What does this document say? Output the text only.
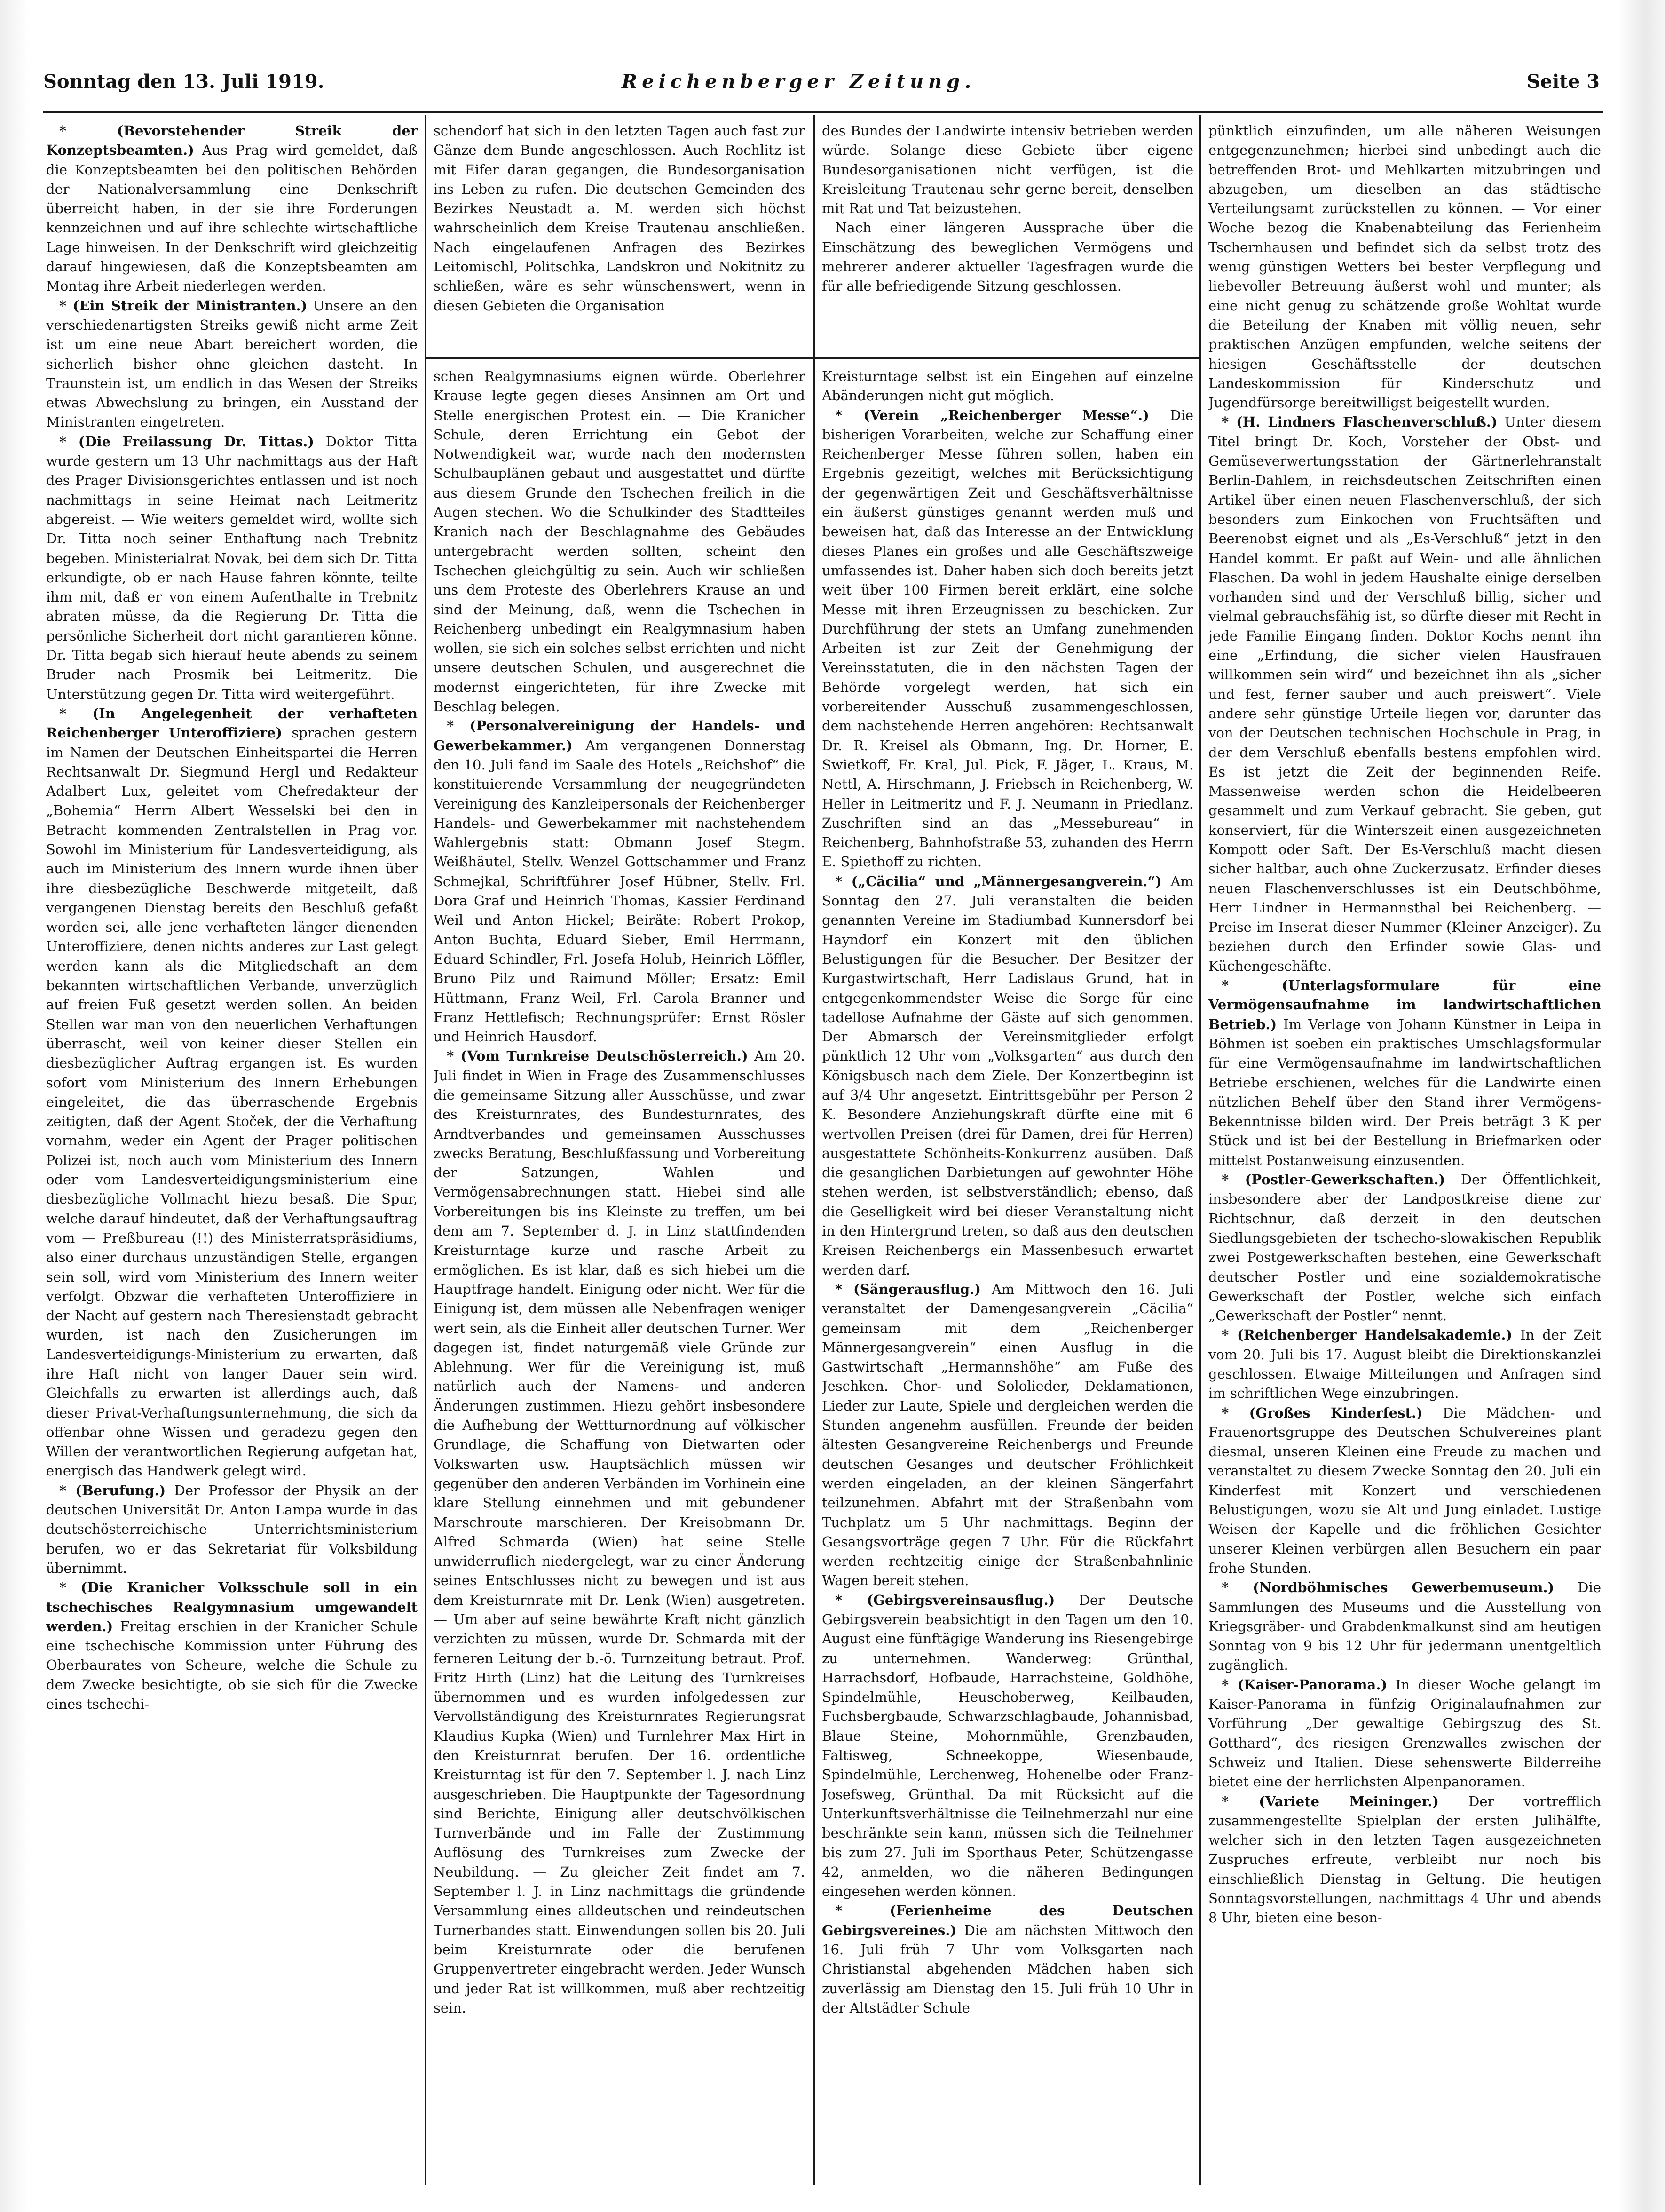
Sonntag den 13. Juli 1919.	Reichenberger Zeitung.	Seite 3

* (Bevorstehender Streik der Konzeptsbeamten.) Aus Prag wird gemeldet, daß die Konzeptsbeamten bei den politischen Behörden der Nationalversammlung eine Denkschrift überreicht haben, in der sie ihre Forderungen kennzeichnen und auf ihre schlechte wirtschaftliche Lage hinweisen. In der Denkschrift wird gleichzeitig darauf hingewiesen, daß die Konzeptsbeamten am Montag ihre Arbeit niederlegen werden.

* (Ein Streik der Ministranten.) Unsere an den verschiedenartigsten Streiks gewiß nicht arme Zeit ist um eine neue Abart bereichert worden, die sicherlich bisher ohne gleichen dasteht. In Traunstein ist, um endlich in das Wesen der Streiks etwas Abwechslung zu bringen, ein Ausstand der Ministranten eingetreten.

* (Die Freilassung Dr. Tittas.) Doktor Titta wurde gestern um 13 Uhr nachmittags aus der Haft des Prager Divisionsgerichtes entlassen und ist noch nachmittags in seine Heimat nach Leitmeritz abgereist. — Wie weiters gemeldet wird, wollte sich Dr. Titta noch seiner Enthaftung nach Trebnitz begeben. Ministerialrat Novak, bei dem sich Dr. Titta erkundigte, ob er nach Hause fahren könnte, teilte ihm mit, daß er von einem Aufenthalte in Trebnitz abraten müsse, da die Regierung Dr. Titta die persönliche Sicherheit dort nicht garantieren könne. Dr. Titta begab sich hierauf heute abends zu seinem Bruder nach Prosmik bei Leitmeritz. Die Unterstützung gegen Dr. Titta wird weitergeführt.

* (In Angelegenheit der verhafteten Reichenberger Unteroffiziere) sprachen gestern im Namen der Deutschen Einheitspartei die Herren Rechtsanwalt Dr. Siegmund Hergl und Redakteur Adalbert Lux, geleitet vom Chefredakteur der „Bohemia“ Herrn Albert Wesselski bei den in Betracht kommenden Zentralstellen in Prag vor. Sowohl im Ministerium für Landesverteidigung, als auch im Ministerium des Innern wurde ihnen über ihre diesbezügliche Beschwerde mitgeteilt, daß vergangenen Dienstag bereits den Beschluß gefaßt worden sei, alle jene verhafteten länger dienenden Unteroffiziere, denen nichts anderes zur Last gelegt werden kann als die Mitgliedschaft an dem bekannten wirtschaftlichen Verbande, unverzüglich auf freien Fuß gesetzt werden sollen. An beiden Stellen war man von den neuerlichen Verhaftungen überrascht, weil von keiner dieser Stellen ein diesbezüglicher Auftrag ergangen ist. Es wurden sofort vom Ministerium des Innern Erhebungen eingeleitet, die das überraschende Ergebnis zeitigten, daß der Agent Stoček, der die Verhaftung vornahm, weder ein Agent der Prager politischen Polizei ist, noch auch vom Ministerium des Innern oder vom Landesverteidigungsministerium eine diesbezügliche Vollmacht hiezu besaß. Die Spur, welche darauf hindeutet, daß der Verhaftungsauftrag vom — Preßbureau (!!) des Ministerratspräsidiums, also einer durchaus unzuständigen Stelle, ergangen sein soll, wird vom Ministerium des Innern weiter verfolgt. Obzwar die verhafteten Unteroffiziere in der Nacht auf gestern nach Theresienstadt gebracht wurden, ist nach den Zusicherungen im Landesverteidigungs-Ministerium zu erwarten, daß ihre Haft nicht von langer Dauer sein wird. Gleichfalls zu erwarten ist allerdings auch, daß dieser Privat-Verhaftungsunternehmung, die sich da offenbar ohne Wissen und geradezu gegen den Willen der verantwortlichen Regierung aufgetan hat, energisch das Handwerk gelegt wird.

* (Berufung.) Der Professor der Physik an der deutschen Universität Dr. Anton Lampa wurde in das deutschösterreichische Unterrichtsministerium berufen, wo er das Sekretariat für Volksbildung übernimmt.

* (Die Kranicher Volksschule soll in ein tschechisches Realgymnasium umgewandelt werden.) Freitag erschien in der Kranicher Schule eine tschechische Kommission unter Führung des Oberbaurates von Scheure, welche die Schule zu dem Zwecke besichtigte, ob sie sich für die Zwecke eines tschechi-

schendorf hat sich in den letzten Tagen auch fast zur Gänze dem Bunde angeschlossen. Auch Rochlitz ist mit Eifer daran gegangen, die Bundesorganisation ins Leben zu rufen. Die deutschen Gemeinden des Bezirkes Neustadt a. M. werden sich höchst wahrscheinlich dem Kreise Trautenau anschließen. Nach eingelaufenen Anfragen des Bezirkes Leitomischl, Politschka, Landskron und Nokitnitz zu schließen, wäre es sehr wünschenswert, wenn in diesen Gebieten die Organisation

des Bundes der Landwirte intensiv betrieben werden würde. Solange diese Gebiete über eigene Bundesorganisationen nicht verfügen, ist die Kreisleitung Trautenau sehr gerne bereit, denselben mit Rat und Tat beizustehen.

Nach einer längeren Aussprache über die Einschätzung des beweglichen Vermögens und mehrerer anderer aktueller Tagesfragen wurde die für alle befriedigende Sitzung geschlossen.

schen Realgymnasiums eignen würde. Oberlehrer Krause legte gegen dieses Ansinnen am Ort und Stelle energischen Protest ein. — Die Kranicher Schule, deren Errichtung ein Gebot der Notwendigkeit war, wurde nach den modernsten Schulbauplänen gebaut und ausgestattet und dürfte aus diesem Grunde den Tschechen freilich in die Augen stechen. Wo die Schulkinder des Stadtteiles Kranich nach der Beschlagnahme des Gebäudes untergebracht werden sollten, scheint den Tschechen gleichgültig zu sein. Auch wir schließen uns dem Proteste des Oberlehrers Krause an und sind der Meinung, daß, wenn die Tschechen in Reichenberg unbedingt ein Realgymnasium haben wollen, sie sich ein solches selbst errichten und nicht unsere deutschen Schulen, und ausgerechnet die modernst eingerichteten, für ihre Zwecke mit Beschlag belegen.

* (Personalvereinigung der Handels- und Gewerbekammer.) Am vergangenen Donnerstag den 10. Juli fand im Saale des Hotels „Reichshof“ die konstituierende Versammlung der neugegründeten Vereinigung des Kanzleipersonals der Reichenberger Handels- und Gewerbekammer mit nachstehendem Wahlergebnis statt: Obmann Josef Stegm. Weißhäutel, Stellv. Wenzel Gottschammer und Franz Schmejkal, Schriftführer Josef Hübner, Stellv. Frl. Dora Graf und Heinrich Thomas, Kassier Ferdinand Weil und Anton Hickel; Beiräte: Robert Prokop, Anton Buchta, Eduard Sieber, Emil Herrmann, Eduard Schindler, Frl. Josefa Holub, Heinrich Löffler, Bruno Pilz und Raimund Möller; Ersatz: Emil Hüttmann, Franz Weil, Frl. Carola Branner und Franz Hettlefisch; Rechnungsprüfer: Ernst Rösler und Heinrich Hausdorf.

* (Vom Turnkreise Deutschösterreich.) Am 20. Juli findet in Wien in Frage des Zusammenschlusses die gemeinsame Sitzung aller Ausschüsse, und zwar des Kreisturnrates, des Bundesturnrates, des Arndtverbandes und gemeinsamen Ausschusses zwecks Beratung, Beschlußfassung und Vorbereitung der Satzungen, Wahlen und Vermögensabrechnungen statt. Hiebei sind alle Vorbereitungen bis ins Kleinste zu treffen, um bei dem am 7. September d. J. in Linz stattfindenden Kreisturntage kurze und rasche Arbeit zu ermöglichen. Es ist klar, daß es sich hiebei um die Hauptfrage handelt. Einigung oder nicht. Wer für die Einigung ist, dem müssen alle Nebenfragen weniger wert sein, als die Einheit aller deutschen Turner. Wer dagegen ist, findet naturgemäß viele Gründe zur Ablehnung. Wer für die Vereinigung ist, muß natürlich auch der Namens- und anderen Änderungen zustimmen. Hiezu gehört insbesondere die Aufhebung der Wettturnordnung auf völkischer Grundlage, die Schaffung von Dietwarten oder Volkswarten usw. Hauptsächlich müssen wir gegenüber den anderen Verbänden im Vorhinein eine klare Stellung einnehmen und mit gebundener Marschroute marschieren. Der Kreisobmann Dr. Alfred Schmarda (Wien) hat seine Stelle unwiderruflich niedergelegt, war zu einer Änderung seines Entschlusses nicht zu bewegen und ist aus dem Kreisturnrate mit Dr. Lenk (Wien) ausgetreten. — Um aber auf seine bewährte Kraft nicht gänzlich verzichten zu müssen, wurde Dr. Schmarda mit der ferneren Leitung der b.-ö. Turnzeitung betraut. Prof. Fritz Hirth (Linz) hat die Leitung des Turnkreises übernommen und es wurden infolgedessen zur Vervollständigung des Kreisturnrates Regierungsrat Klaudius Kupka (Wien) und Turnlehrer Max Hirt in den Kreisturnrat berufen. Der 16. ordentliche Kreisturntag ist für den 7. September l. J. nach Linz ausgeschrieben. Die Hauptpunkte der Tagesordnung sind Berichte, Einigung aller deutschvölkischen Turnverbände und im Falle der Zustimmung Auflösung des Turnkreises zum Zwecke der Neubildung. — Zu gleicher Zeit findet am 7. September l. J. in Linz nachmittags die gründende Versammlung eines alldeutschen und reindeutschen Turnerbandes statt. Einwendungen sollen bis 20. Juli beim Kreisturnrate oder die berufenen Gruppenvertreter eingebracht werden. Jeder Wunsch und jeder Rat ist willkommen, muß aber rechtzeitig sein.

Kreisturntage selbst ist ein Eingehen auf einzelne Abänderungen nicht gut möglich.

* (Verein „Reichenberger Messe“.) Die bisherigen Vorarbeiten, welche zur Schaffung einer Reichenberger Messe führen sollen, haben ein Ergebnis gezeitigt, welches mit Berücksichtigung der gegenwärtigen Zeit und Geschäftsverhältnisse ein äußerst günstiges genannt werden muß und beweisen hat, daß das Interesse an der Entwicklung dieses Planes ein großes und alle Geschäftszweige umfassendes ist. Daher haben sich doch bereits jetzt weit über 100 Firmen bereit erklärt, eine solche Messe mit ihren Erzeugnissen zu beschicken. Zur Durchführung der stets an Umfang zunehmenden Arbeiten ist zur Zeit der Genehmigung der Vereinsstatuten, die in den nächsten Tagen der Behörde vorgelegt werden, hat sich ein vorbereitender Ausschuß zusammengeschlossen, dem nachstehende Herren angehören: Rechtsanwalt Dr. R. Kreisel als Obmann, Ing. Dr. Horner, E. Swietkoff, Fr. Kral, Jul. Pick, F. Jäger, L. Kraus, M. Nettl, A. Hirschmann, J. Friebsch in Reichenberg, W. Heller in Leitmeritz und F. J. Neumann in Priedlanz. Zuschriften sind an das „Messebureau“ in Reichenberg, Bahnhofstraße 53, zuhanden des Herrn E. Spiethoff zu richten.

* („Cäcilia“ und „Männergesangverein.“) Am Sonntag den 27. Juli veranstalten die beiden genannten Vereine im Stadiumbad Kunnersdorf bei Hayndorf ein Konzert mit den üblichen Belustigungen für die Besucher. Der Besitzer der Kurgastwirtschaft, Herr Ladislaus Grund, hat in entgegenkommendster Weise die Sorge für eine tadellose Aufnahme der Gäste auf sich genommen. Der Abmarsch der Vereinsmitglieder erfolgt pünktlich 12 Uhr vom „Volksgarten“ aus durch den Königsbusch nach dem Ziele. Der Konzertbeginn ist auf 3/4 Uhr angesetzt. Eintrittsgebühr per Person 2 K. Besondere Anziehungskraft dürfte eine mit 6 wertvollen Preisen (drei für Damen, drei für Herren) ausgestattete Schönheits-Konkurrenz ausüben. Daß die gesanglichen Darbietungen auf gewohnter Höhe stehen werden, ist selbstverständlich; ebenso, daß die Geselligkeit wird bei dieser Veranstaltung nicht in den Hintergrund treten, so daß aus den deutschen Kreisen Reichenbergs ein Massenbesuch erwartet werden darf.

* (Sängerausflug.) Am Mittwoch den 16. Juli veranstaltet der Damengesangverein „Cäcilia“ gemeinsam mit dem „Reichenberger Männergesangverein“ einen Ausflug in die Gastwirtschaft „Hermannshöhe“ am Fuße des Jeschken. Chor- und Sololieder, Deklamationen, Lieder zur Laute, Spiele und dergleichen werden die Stunden angenehm ausfüllen. Freunde der beiden ältesten Gesangvereine Reichenbergs und Freunde deutschen Gesanges und deutscher Fröhlichkeit werden eingeladen, an der kleinen Sängerfahrt teilzunehmen. Abfahrt mit der Straßenbahn vom Tuchplatz um 5 Uhr nachmittags. Beginn der Gesangsvorträge gegen 7 Uhr. Für die Rückfahrt werden rechtzeitig einige der Straßenbahnlinie Wagen bereit stehen.

* (Gebirgsvereinsausflug.) Der Deutsche Gebirgsverein beabsichtigt in den Tagen um den 10. August eine fünftägige Wanderung ins Riesengebirge zu unternehmen. Wanderweg: Grünthal, Harrachsdorf, Hofbaude, Harrachsteine, Goldhöhe, Spindelmühle, Heuschoberweg, Keilbauden, Fuchsbergbaude, Schwarzschlagbaude, Johannisbad, Blaue Steine, Mohornmühle, Grenzbauden, Faltisweg, Schneekoppe, Wiesenbaude, Spindelmühle, Lerchenweg, Hohenelbe oder Franz-Josefsweg, Grünthal. Da mit Rücksicht auf die Unterkunftsverhältnisse die Teilnehmerzahl nur eine beschränkte sein kann, müssen sich die Teilnehmer bis zum 27. Juli im Sporthaus Peter, Schützengasse 42, anmelden, wo die näheren Bedingungen eingesehen werden können.

* (Ferienheime des Deutschen Gebirgsvereines.) Die am nächsten Mittwoch den 16. Juli früh 7 Uhr vom Volksgarten nach Christianstal abgehenden Mädchen haben sich zuverlässig am Dienstag den 15. Juli früh 10 Uhr in der Altstädter Schule

pünktlich einzufinden, um alle näheren Weisungen entgegenzunehmen; hierbei sind unbedingt auch die betreffenden Brot- und Mehlkarten mitzubringen und abzugeben, um dieselben an das städtische Verteilungsamt zurückstellen zu können. — Vor einer Woche bezog die Knabenabteilung das Ferienheim Tschernhausen und befindet sich da selbst trotz des wenig günstigen Wetters bei bester Verpflegung und liebevoller Betreuung äußerst wohl und munter; als eine nicht genug zu schätzende große Wohltat wurde die Beteilung der Knaben mit völlig neuen, sehr praktischen Anzügen empfunden, welche seitens der hiesigen Geschäftsstelle der deutschen Landeskommission für Kinderschutz und Jugendfürsorge bereitwilligst beigestellt wurden.

* (H. Lindners Flaschenverschluß.) Unter diesem Titel bringt Dr. Koch, Vorsteher der Obst- und Gemüseverwertungsstation der Gärtnerlehranstalt Berlin-Dahlem, in reichsdeutschen Zeitschriften einen Artikel über einen neuen Flaschenverschluß, der sich besonders zum Einkochen von Fruchtsäften und Beerenobst eignet und als „Es-Verschluß“ jetzt in den Handel kommt. Er paßt auf Wein- und alle ähnlichen Flaschen. Da wohl in jedem Haushalte einige derselben vorhanden sind und der Verschluß billig, sicher und vielmal gebrauchsfähig ist, so dürfte dieser mit Recht in jede Familie Eingang finden. Doktor Kochs nennt ihn eine „Erfindung, die sicher vielen Hausfrauen willkommen sein wird“ und bezeichnet ihn als „sicher und fest, ferner sauber und auch preiswert“. Viele andere sehr günstige Urteile liegen vor, darunter das von der Deutschen technischen Hochschule in Prag, in der dem Verschluß ebenfalls bestens empfohlen wird. Es ist jetzt die Zeit der beginnenden Reife. Massenweise werden schon die Heidelbeeren gesammelt und zum Verkauf gebracht. Sie geben, gut konserviert, für die Winterszeit einen ausgezeichneten Kompott oder Saft. Der Es-Verschluß macht diesen sicher haltbar, auch ohne Zuckerzusatz. Erfinder dieses neuen Flaschenverschlusses ist ein Deutschböhme, Herr Lindner in Hermannsthal bei Reichenberg. — Preise im Inserat dieser Nummer (Kleiner Anzeiger). Zu beziehen durch den Erfinder sowie Glas- und Küchengeschäfte.

* (Unterlagsformulare für eine Vermögensaufnahme im landwirtschaftlichen Betrieb.) Im Verlage von Johann Künstner in Leipa in Böhmen ist soeben ein praktisches Umschlagsformular für eine Vermögensaufnahme im landwirtschaftlichen Betriebe erschienen, welches für die Landwirte einen nützlichen Behelf über den Stand ihrer Vermögens-Bekenntnisse bilden wird. Der Preis beträgt 3 K per Stück und ist bei der Bestellung in Briefmarken oder mittelst Postanweisung einzusenden.

* (Postler-Gewerkschaften.) Der Öffentlichkeit, insbesondere aber der Landpostkreise diene zur Richtschnur, daß derzeit in den deutschen Siedlungsgebieten der tschecho-slowakischen Republik zwei Postgewerkschaften bestehen, eine Gewerkschaft deutscher Postler und eine sozialdemokratische Gewerkschaft der Postler, welche sich einfach „Gewerkschaft der Postler“ nennt.

* (Reichenberger Handelsakademie.) In der Zeit vom 20. Juli bis 17. August bleibt die Direktionskanzlei geschlossen. Etwaige Mitteilungen und Anfragen sind im schriftlichen Wege einzubringen.

* (Großes Kinderfest.) Die Mädchen- und Frauenortsgruppe des Deutschen Schulvereines plant diesmal, unseren Kleinen eine Freude zu machen und veranstaltet zu diesem Zwecke Sonntag den 20. Juli ein Kinderfest mit Konzert und verschiedenen Belustigungen, wozu sie Alt und Jung einladet. Lustige Weisen der Kapelle und die fröhlichen Gesichter unserer Kleinen verbürgen allen Besuchern ein paar frohe Stunden.

* (Nordböhmisches Gewerbemuseum.) Die Sammlungen des Museums und die Ausstellung von Kriegsgräber- und Grabdenkmalkunst sind am heutigen Sonntag von 9 bis 12 Uhr für jedermann unentgeltlich zugänglich.

* (Kaiser-Panorama.) In dieser Woche gelangt im Kaiser-Panorama in fünfzig Originalaufnahmen zur Vorführung „Der gewaltige Gebirgszug des St. Gotthard“, des riesigen Grenzwalles zwischen der Schweiz und Italien. Diese sehenswerte Bilderreihe bietet eine der herrlichsten Alpenpanoramen.

* (Variete Meininger.) Der vortrefflich zusammengestellte Spielplan der ersten Julihälfte, welcher sich in den letzten Tagen ausgezeichneten Zuspruches erfreute, verbleibt nur noch bis einschließlich Dienstag in Geltung. Die heutigen Sonntagsvorstellungen, nachmittags 4 Uhr und abends 8 Uhr, bieten eine beson-
